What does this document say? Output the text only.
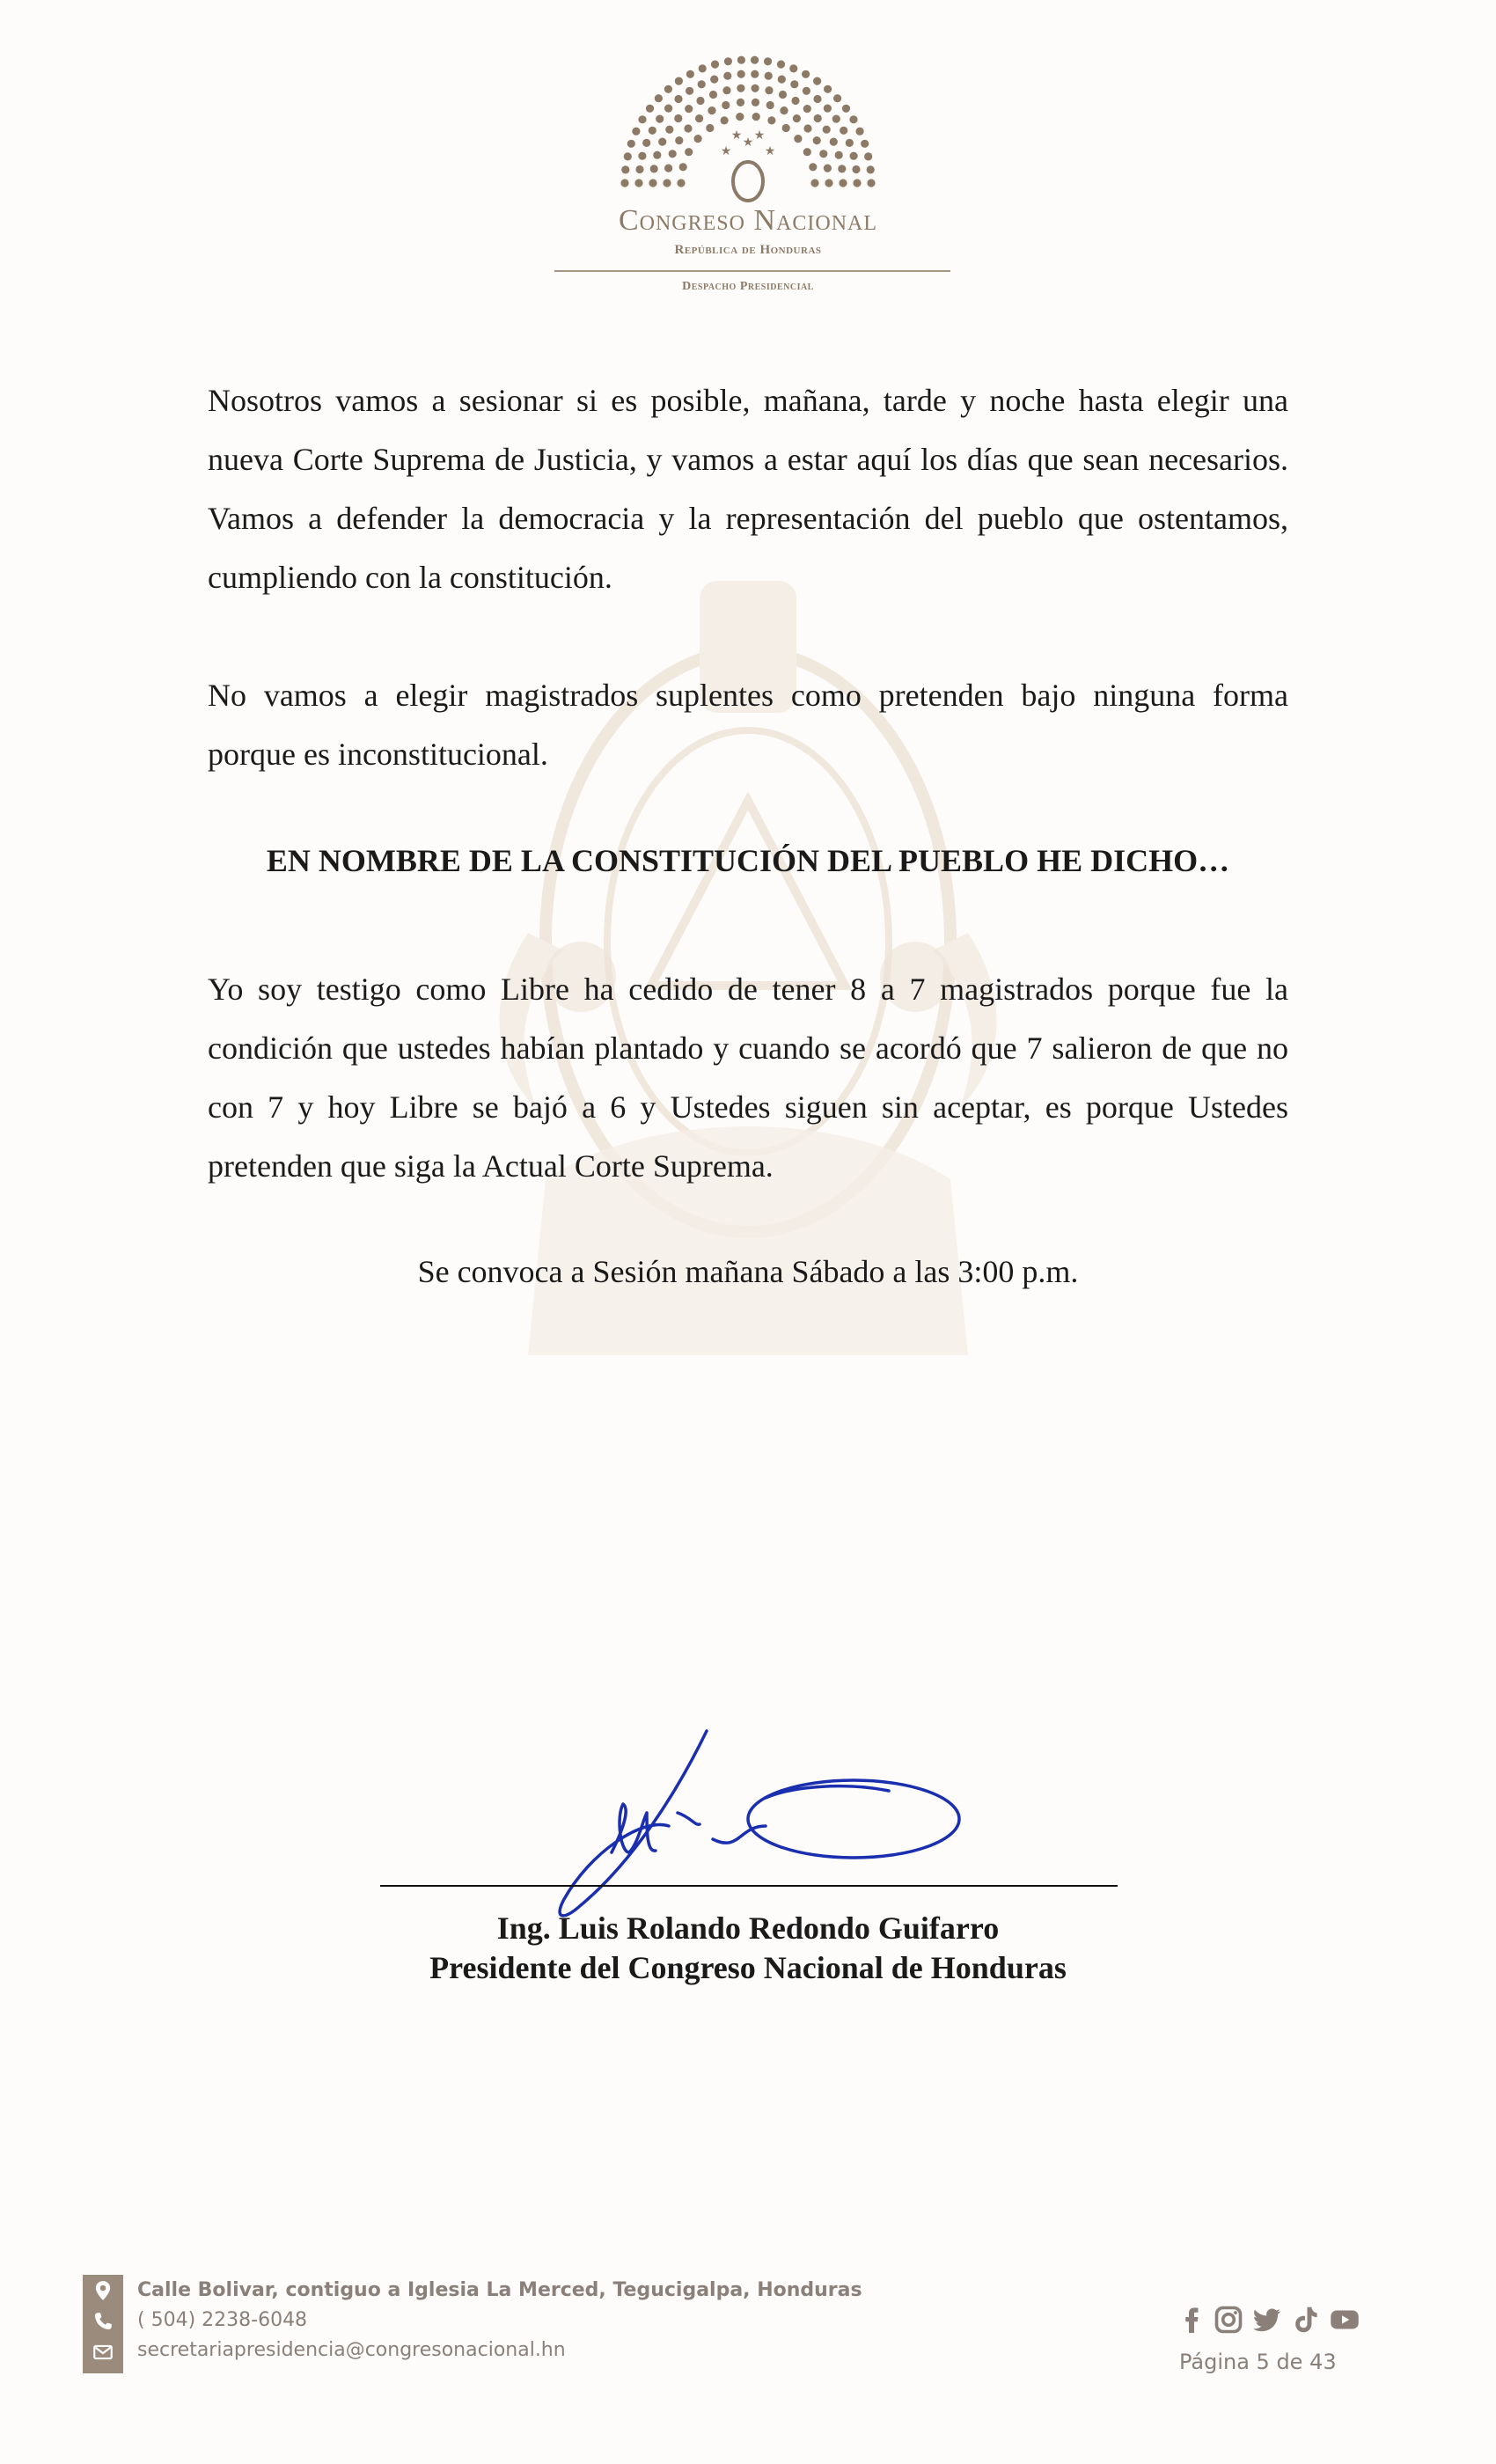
★
★
★
★ ★
Congreso Nacional
República de Honduras
Despacho Presidencial

Nosotros vamos a sesionar si es posible, mañana, tarde y noche hasta elegir una nueva Corte Suprema de Justicia, y vamos a estar aquí los días que sean necesarios. Vamos a defender la democracia y la representación del pueblo que ostentamos, cumpliendo con la constitución.

No vamos a elegir magistrados suplentes como pretenden bajo ninguna forma porque es inconstitucional.

EN NOMBRE DE LA CONSTITUCIÓN DEL PUEBLO HE DICHO…

Yo soy testigo como Libre ha cedido de tener 8 a 7 magistrados porque fue la condición que ustedes habían plantado y cuando se acordó que 7 salieron de que no con 7 y hoy Libre se bajó a 6 y Ustedes siguen sin aceptar, es porque Ustedes pretenden que siga la Actual Corte Suprema.

Se convoca a Sesión mañana Sábado a las 3:00 p.m.

Ing. Luis Rolando Redondo Guifarro
Presidente del Congreso Nacional de Honduras
Calle Bolivar, contiguo a Iglesia La Merced, Tegucigalpa, Honduras
( 504) 2238-6048
secretariapresidencia@congresonacional.hn	Página 5 de 43
